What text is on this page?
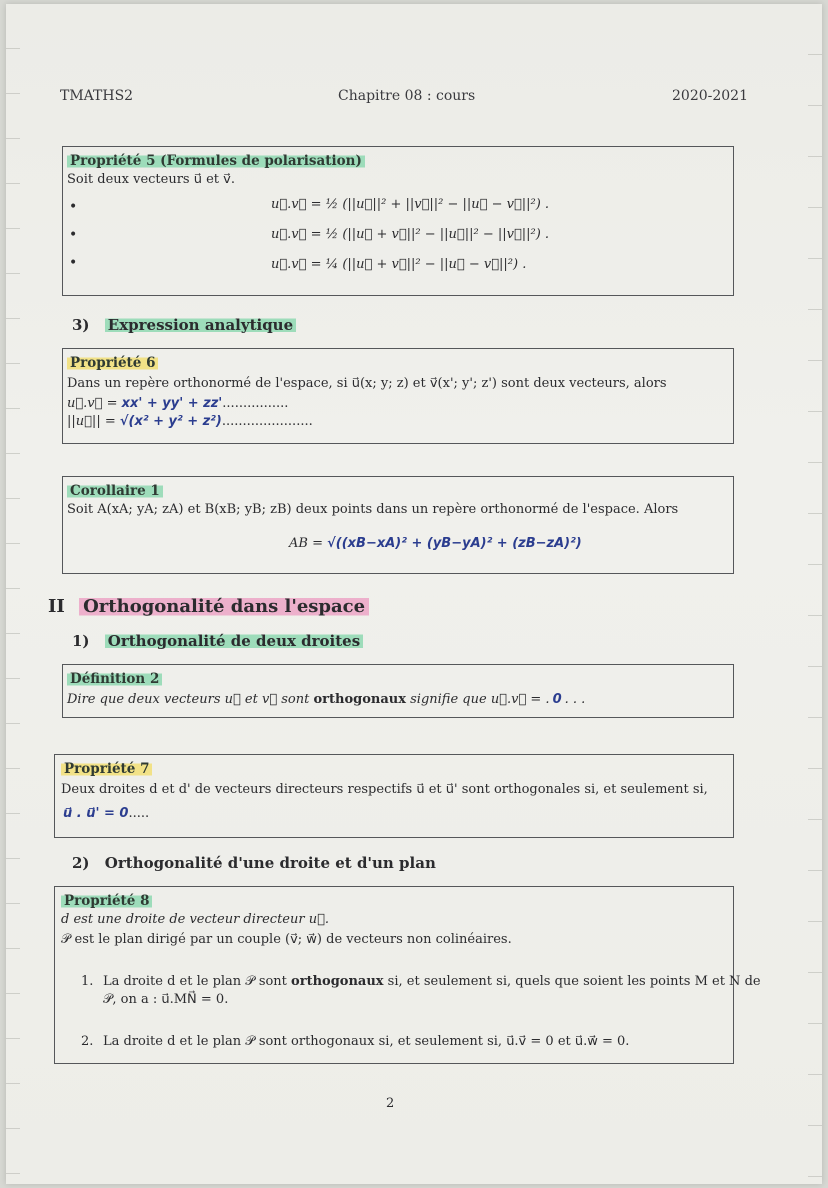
TMATHS2	Chapitre 08 : cours	2020-2021
Propriété 5 (Formules de polarisation)
Soit deux vecteurs u⃗ et v⃗.
•
•
•
u⃗.v⃗ = ½ (||u⃗||² + ||v⃗||² − ||u⃗ − v⃗||²) .
u⃗.v⃗ = ½ (||u⃗ + v⃗||² − ||u⃗||² − ||v⃗||²) .
u⃗.v⃗ = ¼ (||u⃗ + v⃗||² − ||u⃗ − v⃗||²) .
3) Expression analytique
Propriété 6
Dans un repère orthonormé de l'espace, si u⃗(x; y; z) et v⃗(x'; y'; z') sont deux vecteurs, alors
u⃗.v⃗ = xx' + yy' + zz'................
||u⃗|| = √(x² + y² + z²)......................
Corollaire 1
Soit A(xA; yA; zA) et B(xB; yB; zB) deux points dans un repère orthonormé de l'espace. Alors
AB = √((xB−xA)² + (yB−yA)² + (zB−zA)²)
II Orthogonalité dans l'espace
1) Orthogonalité de deux droites
Définition 2
Dire que deux vecteurs u⃗ et v⃗ sont orthogonaux signifie que u⃗.v⃗ = . 0 . . .
Propriété 7
Deux droites d et d' de vecteurs directeurs respectifs u⃗ et u⃗' sont orthogonales si, et seulement si,
u⃗ . u⃗' = 0.....
2) Orthogonalité d'une droite et d'un plan
Propriété 8
d est une droite de vecteur directeur u⃗.
𝒫 est le plan dirigé par un couple (v⃗; w⃗) de vecteurs non colinéaires.
1. La droite d et le plan 𝒫 sont orthogonaux si, et seulement si, quels que soient les points M et N de
𝒫, on a : u⃗.MN⃗ = 0.
2. La droite d et le plan 𝒫 sont orthogonaux si, et seulement si, u⃗.v⃗ = 0 et u⃗.w⃗ = 0.
2
